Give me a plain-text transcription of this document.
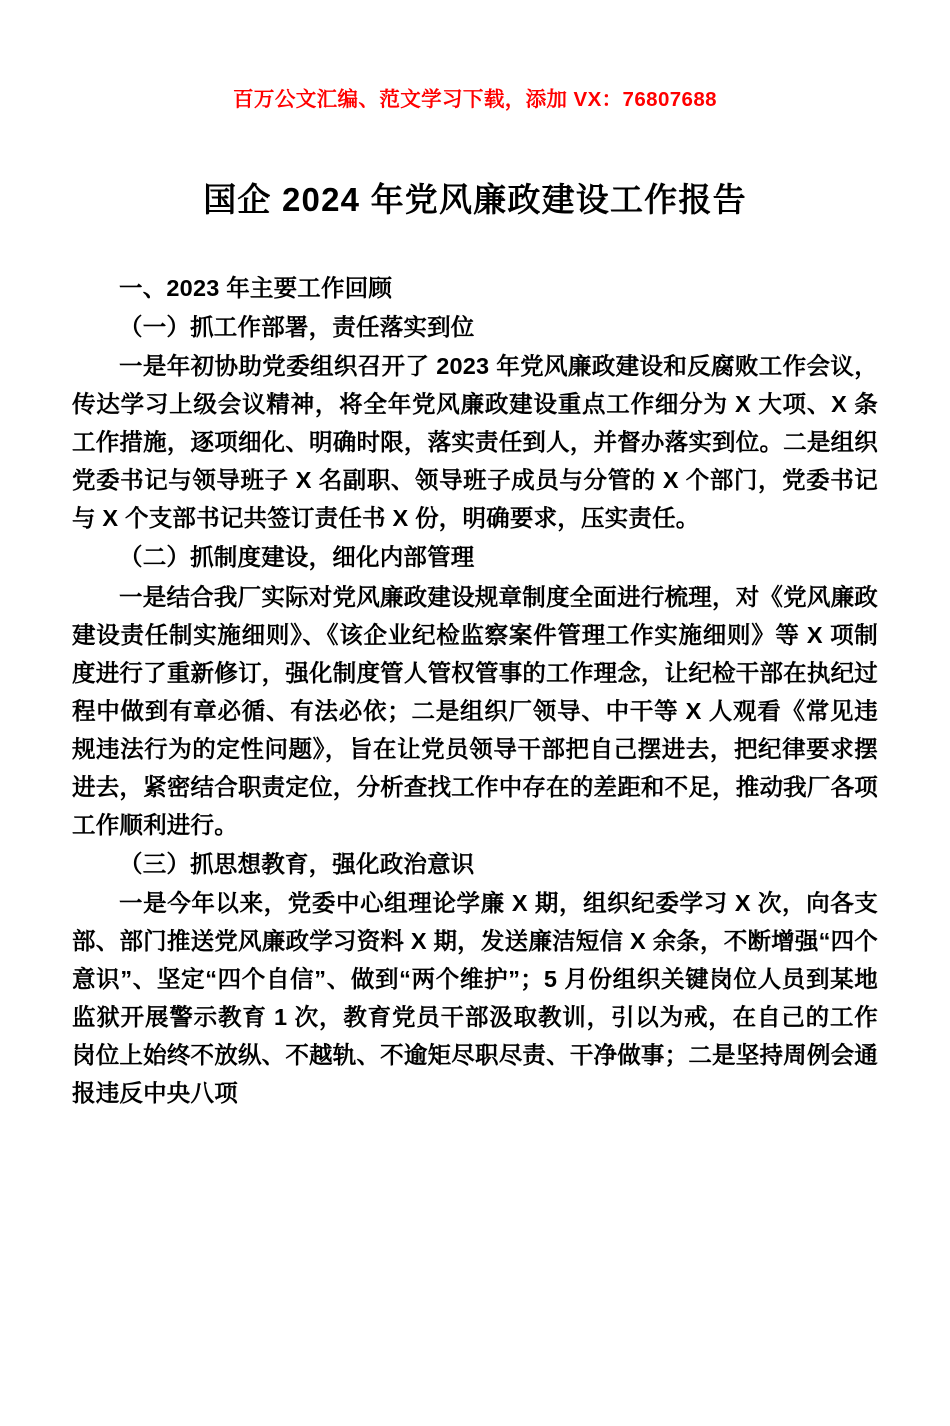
百万公文汇编、范文学习下载，添加 VX：76807688
国企 2024 年党风廉政建设工作报告

一、2023 年主要工作回顾

（一）抓工作部署，责任落实到位

一是年初协助党委组织召开了 2023 年党风廉政建设和反腐败工作会议，传达学习上级会议精神，将全年党风廉政建设重点工作细分为 X 大项、X 条工作措施，逐项细化、明确时限，落实责任到人，并督办落实到位。二是组织党委书记与领导班子 X 名副职、领导班子成员与分管的 X 个部门，党委书记与 X 个支部书记共签订责任书 X 份，明确要求，压实责任。

（二）抓制度建设，细化内部管理

一是结合我厂实际对党风廉政建设规章制度全面进行梳理，对《党风廉政建设责任制实施细则》、《该企业纪检监察案件管理工作实施细则》等 X 项制度进行了重新修订，强化制度管人管权管事的工作理念，让纪检干部在执纪过程中做到有章必循、有法必依；二是组织厂领导、中干等 X 人观看《常见违规违法行为的定性问题》，旨在让党员领导干部把自己摆进去，把纪律要求摆进去，紧密结合职责定位，分析查找工作中存在的差距和不足，推动我厂各项工作顺利进行。

（三）抓思想教育，强化政治意识

一是今年以来，党委中心组理论学廉 X 期，组织纪委学习 X 次，向各支部、部门推送党风廉政学习资料 X 期，发送廉洁短信 X 余条，不断增强“四个意识”、坚定“四个自信”、做到“两个维护”；5 月份组织关键岗位人员到某地监狱开展警示教育 1 次，教育党员干部汲取教训，引以为戒，在自己的工作岗位上始终不放纵、不越轨、不逾矩尽职尽责、干净做事；二是坚持周例会通报违反中央八项
